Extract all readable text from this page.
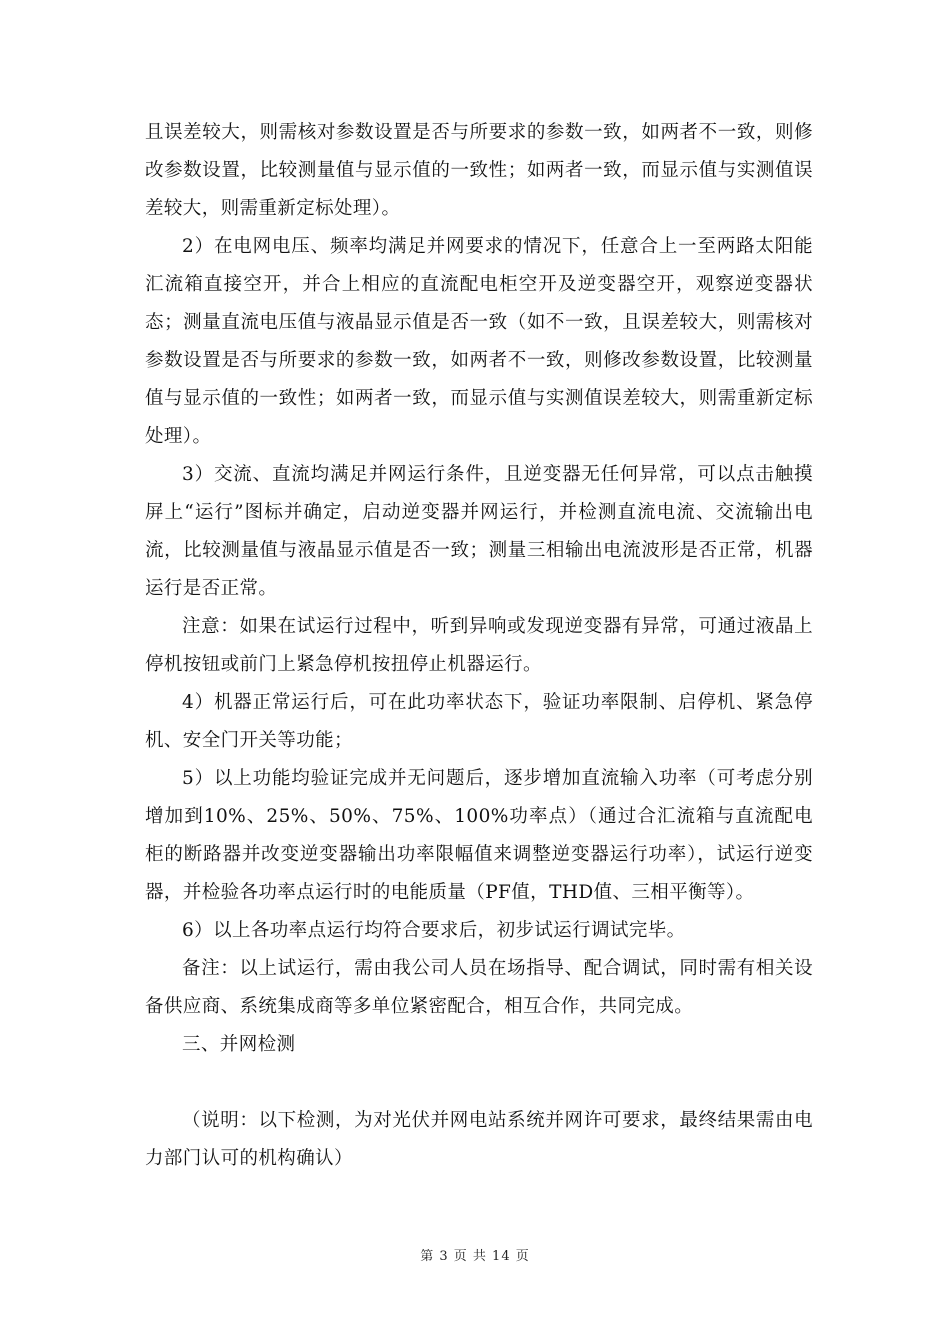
且误差较大，则需核对参数设置是否与所要求的参数一致，如两者不一致，则修改参数设置，比较测量值与显示值的一致性；如两者一致，而显示值与实测值误差较大，则需重新定标处理）。

2）在电网电压、频率均满足并网要求的情况下，任意合上一至两路太阳能汇流箱直接空开，并合上相应的直流配电柜空开及逆变器空开，观察逆变器状态；测量直流电压值与液晶显示值是否一致（如不一致，且误差较大，则需核对参数设置是否与所要求的参数一致，如两者不一致，则修改参数设置，比较测量值与显示值的一致性；如两者一致，而显示值与实测值误差较大，则需重新定标处理）。

3）交流、直流均满足并网运行条件，且逆变器无任何异常，可以点击触摸屏上“运行”图标并确定，启动逆变器并网运行，并检测直流电流、交流输出电流，比较测量值与液晶显示值是否一致；测量三相输出电流波形是否正常，机器运行是否正常。

注意：如果在试运行过程中，听到异响或发现逆变器有异常，可通过液晶上停机按钮或前门上紧急停机按扭停止机器运行。

4）机器正常运行后，可在此功率状态下，验证功率限制、启停机、紧急停机、安全门开关等功能；

5）以上功能均验证完成并无问题后，逐步增加直流输入功率（可考虑分别增加到10%、25%、50%、75%、100%功率点）（通过合汇流箱与直流配电柜的断路器并改变逆变器输出功率限幅值来调整逆变器运行功率），试运行逆变器，并检验各功率点运行时的电能质量（PF值，THD值、三相平衡等）。

6）以上各功率点运行均符合要求后，初步试运行调试完毕。

备注：以上试运行，需由我公司人员在场指导、配合调试，同时需有相关设备供应商、系统集成商等多单位紧密配合，相互合作，共同完成。

三、并网检测

（说明：以下检测，为对光伏并网电站系统并网许可要求，最终结果需由电力部门认可的机构确认）

第 3 页 共 14 页
